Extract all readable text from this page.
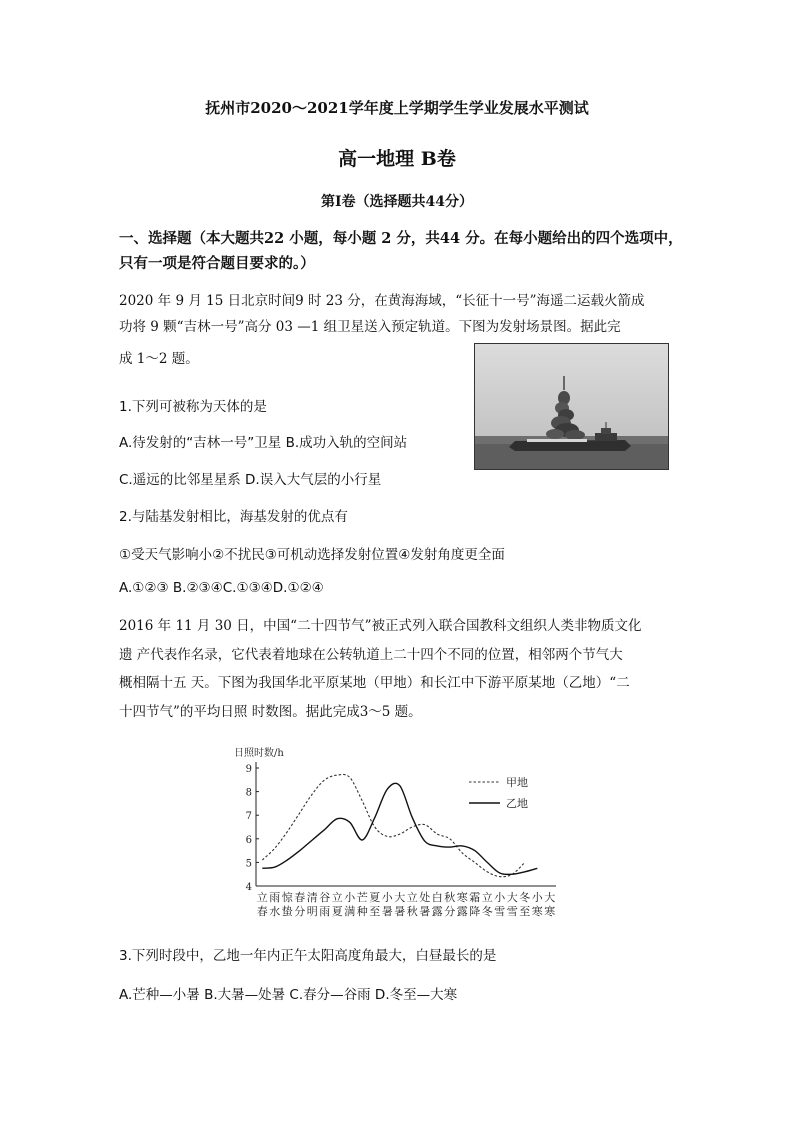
抚州市2020～2021学年度上学期学生学业发展水平测试
高一地理 B卷
第I卷（选择题共44分）
一、选择题（本大题共22 小题，每小题 2 分，共44 分。在每小题给出的四个选项中，
只有一项是符合题目要求的。）
2020 年 9 月 15 日北京时间9 时 23 分，在黄海海域，“长征十一号”海遥二运载火箭成
功将 9 颗“吉林一号”高分 03 —1 组卫星送入预定轨道。下图为发射场景图。据此完
成 1～2 题。
1.下列可被称为天体的是
A.待发射的“吉林一号”卫星 B.成功入轨的空间站
C.遥远的比邻星星系 D.误入大气层的小行星
2.与陆基发射相比，海基发射的优点有
①受天气影响小②不扰民③可机动选择发射位置④发射角度更全面
A.①②③ B.②③④C.①③④D.①②④
2016 年 11 月 30 日，中国“二十四节气”被正式列入联合国教科文组织人类非物质文化
遗 产代表作名录，它代表着地球在公转轨道上二十四个不同的位置，相邻两个节气大
概相隔十五 天。下图为我国华北平原某地（甲地）和长江中下游平原某地（乙地）“二
十四节气”的平均日照 时数图。据此完成3～5 题。
日照时数/h
4
5
6
7
8
9
立
春
雨
水
惊
蛰
春
分
清
明
谷
雨
立
夏
小
满
芒
种
夏
至
小
暑
大
暑
立
秋
处
暑
白
露
秋
分
寒
露
霜
降
立
冬
小
雪
大
雪
冬
至
小
寒
大
寒
甲地
乙地
3.下列时段中，乙地一年内正午太阳高度角最大，白昼最长的是
A.芒种—小暑 B.大暑—处暑 C.春分—谷雨 D.冬至—大寒
